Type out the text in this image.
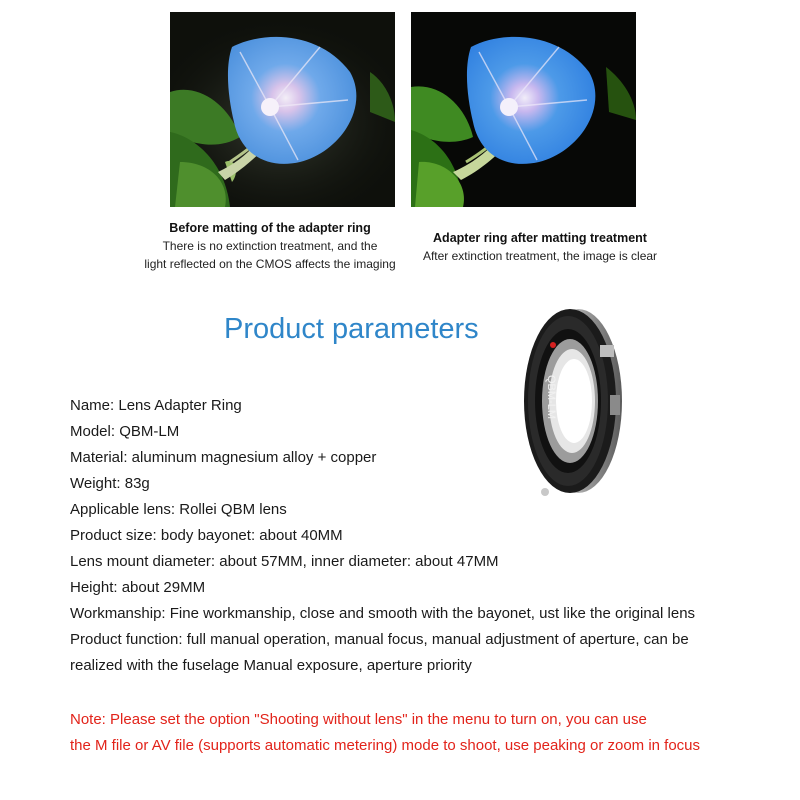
Before matting of the adapter ring
There is no extinction treatment, and the
light reflected on the CMOS affects the imaging
Adapter ring after matting treatment
After extinction treatment, the image is clear
Product parameters
QBM-LM
Name: Lens Adapter Ring
Model: QBM-LM
Material: aluminum magnesium alloy + copper
Weight: 83g
Applicable lens: Rollei QBM lens
Product size: body bayonet: about 40MM
Lens mount diameter: about 57MM, inner diameter: about 47MM
Height: about 29MM
Workmanship: Fine workmanship, close and smooth with the bayonet, ust like the original lens
Product function: full manual operation, manual focus, manual adjustment of aperture, can be
realized with the fuselage Manual exposure, aperture priority
Note: Please set the option "Shooting without lens" in the menu to turn on, you can use
the M file or AV file (supports automatic metering) mode to shoot, use peaking or zoom in focus
